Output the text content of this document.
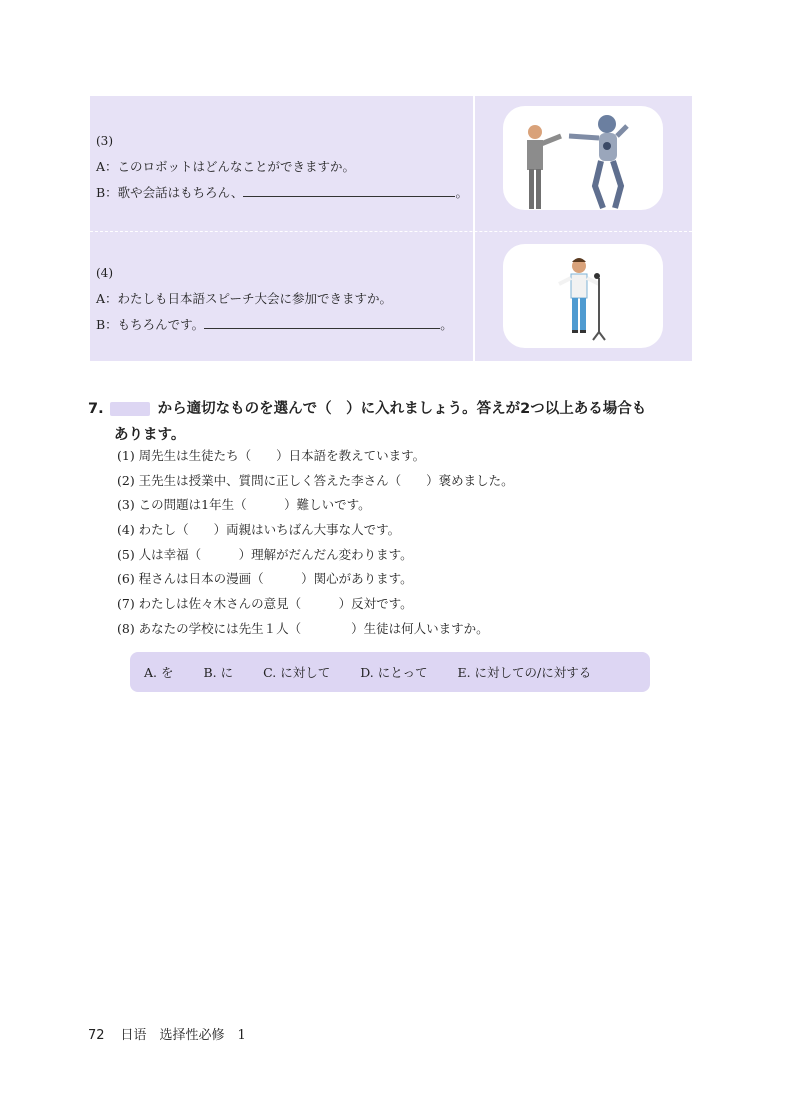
(3)
A：このロボットはどんなことができますか。
B：歌や会話はもちろん、	。
(4)
A：わたしも日本語スピーチ大会に参加できますか。
B：もちろんです。	。
7.	から適切なものを選んで（　）に入れましょう。答えが2つ以上ある場合も
あります。
(1) 周先生は生徒たち（　　）日本語を教えています。
(2) 王先生は授業中、質問に正しく答えた李さん（　　）褒めました。
(3) この問題は1年生（　　　）難しいです。
(4) わたし（　　）両親はいちばん大事な人です。
(5) 人は幸福（　　　）理解がだんだん変わります。
(6) 程さんは日本の漫画（　　　）関心があります。
(7) わたしは佐々木さんの意見（　　　）反対です。
(8) あなたの学校には先生１人（　　　　）生徒は何人いますか。
A. を B. に C. に対して D. にとって E. に対しての/に対する
72 日语　选择性必修　1
